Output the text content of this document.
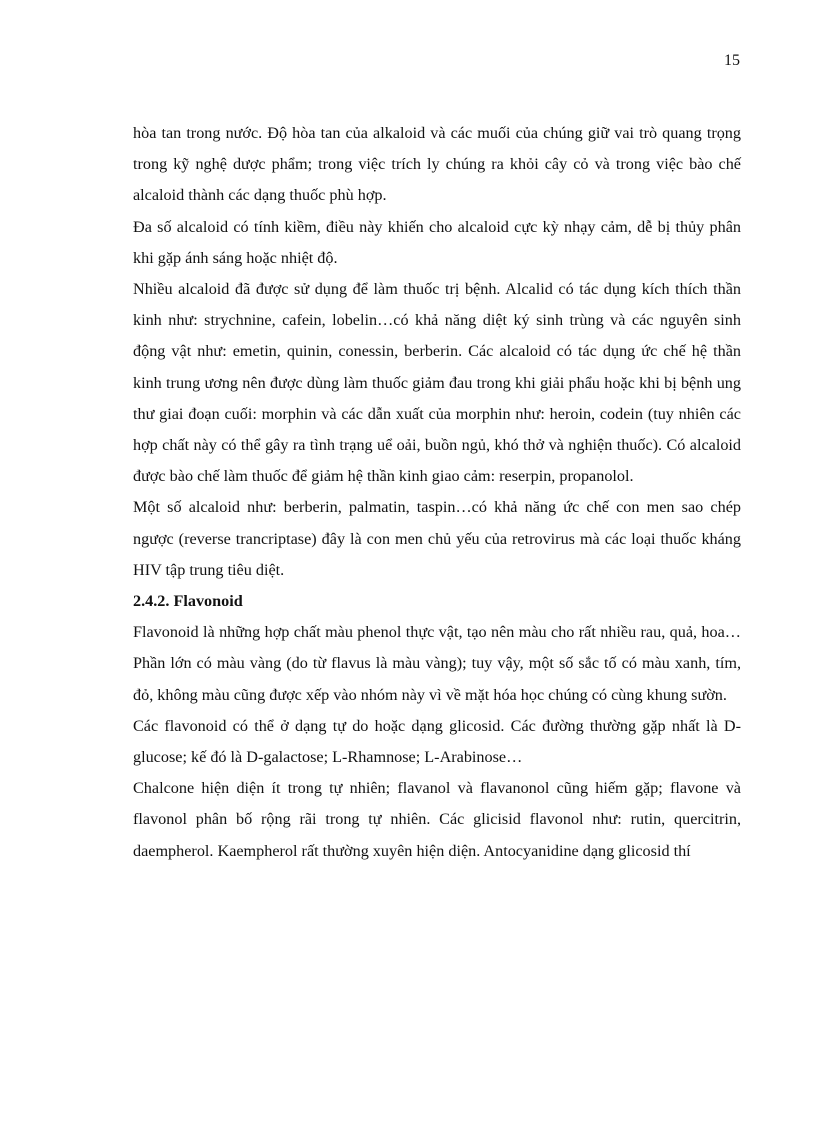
15

hòa tan trong nước. Độ hòa tan của alkaloid và các muối của chúng giữ vai trò quang trọng trong kỹ nghệ dược phẩm; trong việc trích ly chúng ra khỏi cây cỏ và trong việc bào chế alcaloid thành các dạng thuốc phù hợp.

Đa số alcaloid có tính kiềm, điều này khiến cho alcaloid cực kỳ nhạy cảm, dễ bị thủy phân khi gặp ánh sáng hoặc nhiệt độ.

Nhiều alcaloid đã được sử dụng để làm thuốc trị bệnh. Alcalid có tác dụng kích thích thần kinh như: strychnine, cafein, lobelin…có khả năng diệt ký sinh trùng và các nguyên sinh động vật như: emetin, quinin, conessin, berberin. Các alcaloid có tác dụng ức chế hệ thần kinh trung ương nên được dùng làm thuốc giảm đau trong khi giải phẩu hoặc khi bị bệnh ung thư giai đoạn cuối: morphin và các dẫn xuất của morphin như: heroin, codein (tuy nhiên các hợp chất này có thể gây ra tình trạng uể oải, buồn ngủ, khó thở và nghiện thuốc). Có alcaloid được bào chế làm thuốc để giảm hệ thần kinh giao cảm: reserpin, propanolol.

Một số alcaloid như: berberin, palmatin, taspin…có khả năng ức chế con men sao chép ngược (reverse trancriptase) đây là con men chủ yếu của retrovirus mà các loại thuốc kháng HIV tập trung tiêu diệt.

2.4.2. Flavonoid

Flavonoid là những hợp chất màu phenol thực vật, tạo nên màu cho rất nhiều rau, quả, hoa…Phần lớn có màu vàng (do từ flavus là màu vàng); tuy vậy, một số sắc tố có màu xanh, tím, đỏ, không màu cũng được xếp vào nhóm này vì về mặt hóa học chúng có cùng khung sườn.

Các flavonoid có thể ở dạng tự do hoặc dạng glicosid. Các đường thường gặp nhất là D-glucose; kế đó là D-galactose; L-Rhamnose; L-Arabinose…

Chalcone hiện diện ít trong tự nhiên; flavanol và flavanonol cũng hiếm gặp; flavone và flavonol phân bố rộng rãi trong tự nhiên. Các glicisid flavonol như: rutin, quercitrin, daempherol. Kaempherol rất thường xuyên hiện diện. Antocyanidine dạng glicosid thí
